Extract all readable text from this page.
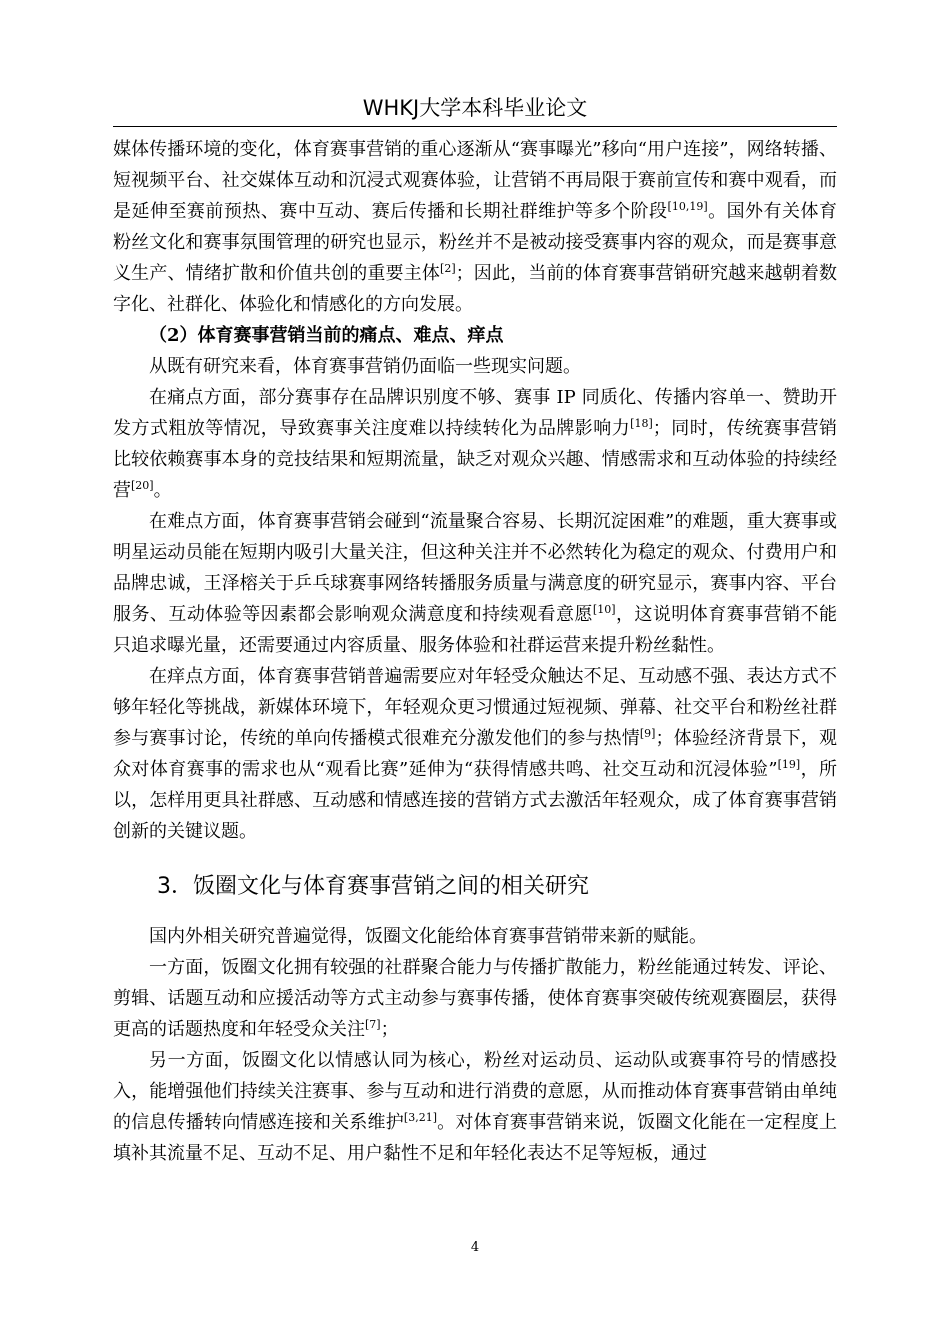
WHKJ大学本科毕业论文

媒体传播环境的变化，体育赛事营销的重心逐渐从“赛事曝光”移向“用户连接”，网络转播、短视频平台、社交媒体互动和沉浸式观赛体验，让营销不再局限于赛前宣传和赛中观看，而是延伸至赛前预热、赛中互动、赛后传播和长期社群维护等多个阶段[10,19]。国外有关体育粉丝文化和赛事氛围管理的研究也显示，粉丝并不是被动接受赛事内容的观众，而是赛事意义生产、情绪扩散和价值共创的重要主体[2]；因此，当前的体育赛事营销研究越来越朝着数字化、社群化、体验化和情感化的方向发展。

（2）体育赛事营销当前的痛点、难点、痒点

从既有研究来看，体育赛事营销仍面临一些现实问题。

在痛点方面，部分赛事存在品牌识别度不够、赛事 IP 同质化、传播内容单一、赞助开发方式粗放等情况，导致赛事关注度难以持续转化为品牌影响力[18]；同时，传统赛事营销比较依赖赛事本身的竞技结果和短期流量，缺乏对观众兴趣、情感需求和互动体验的持续经营[20]。

在难点方面，体育赛事营销会碰到“流量聚合容易、长期沉淀困难”的难题，重大赛事或明星运动员能在短期内吸引大量关注，但这种关注并不必然转化为稳定的观众、付费用户和品牌忠诚，王泽榕关于乒乓球赛事网络转播服务质量与满意度的研究显示，赛事内容、平台服务、互动体验等因素都会影响观众满意度和持续观看意愿[10]，这说明体育赛事营销不能只追求曝光量，还需要通过内容质量、服务体验和社群运营来提升粉丝黏性。

在痒点方面，体育赛事营销普遍需要应对年轻受众触达不足、互动感不强、表达方式不够年轻化等挑战，新媒体环境下，年轻观众更习惯通过短视频、弹幕、社交平台和粉丝社群参与赛事讨论，传统的单向传播模式很难充分激发他们的参与热情[9]；体验经济背景下，观众对体育赛事的需求也从“观看比赛”延伸为“获得情感共鸣、社交互动和沉浸体验”[19]，所以，怎样用更具社群感、互动感和情感连接的营销方式去激活年轻观众，成了体育赛事营销创新的关键议题。

3．饭圈文化与体育赛事营销之间的相关研究

国内外相关研究普遍觉得，饭圈文化能给体育赛事营销带来新的赋能。

一方面，饭圈文化拥有较强的社群聚合能力与传播扩散能力，粉丝能通过转发、评论、剪辑、话题互动和应援活动等方式主动参与赛事传播，使体育赛事突破传统观赛圈层，获得更高的话题热度和年轻受众关注[7]；

另一方面，饭圈文化以情感认同为核心，粉丝对运动员、运动队或赛事符号的情感投入，能增强他们持续关注赛事、参与互动和进行消费的意愿，从而推动体育赛事营销由单纯的信息传播转向情感连接和关系维护[3,21]。对体育赛事营销来说，饭圈文化能在一定程度上填补其流量不足、互动不足、用户黏性不足和年轻化表达不足等短板，通过

4
